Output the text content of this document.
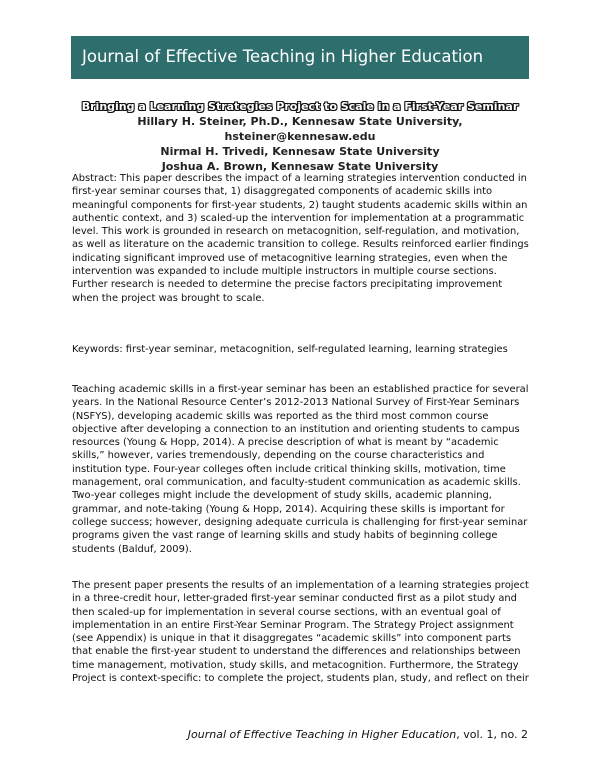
Journal of Effective Teaching in Higher Education
Bringing a Learning Strategies Project to Scale in a First-Year Seminar
Hillary H. Steiner, Ph.D., Kennesaw State University,
hsteiner@kennesaw.edu
Nirmal H. Trivedi, Kennesaw State University
Joshua A. Brown, Kennesaw State University

Abstract: This paper describes the impact of a learning strategies intervention conducted in first-year seminar courses that, 1) disaggregated components of academic skills into meaningful components for first-year students, 2) taught students academic skills within an authentic context, and 3) scaled-up the intervention for implementation at a programmatic level. This work is grounded in research on metacognition, self-regulation, and motivation, as well as literature on the academic transition to college. Results reinforced earlier findings indicating significant improved use of metacognitive learning strategies, even when the intervention was expanded to include multiple instructors in multiple course sections. Further research is needed to determine the precise factors precipitating improvement when the project was brought to scale.

Keywords: first-year seminar, metacognition, self-regulated learning, learning strategies

Teaching academic skills in a first-year seminar has been an established practice for several years. In the National Resource Center’s 2012-2013 National Survey of First-Year Seminars (NSFYS), developing academic skills was reported as the third most common course objective after developing a connection to an institution and orienting students to campus resources (Young & Hopp, 2014). A precise description of what is meant by “academic skills,” however, varies tremendously, depending on the course characteristics and institution type. Four-year colleges often include critical thinking skills, motivation, time management, oral communication, and faculty-student communication as academic skills. Two-year colleges might include the development of study skills, academic planning, grammar, and note-taking (Young & Hopp, 2014). Acquiring these skills is important for college success; however, designing adequate curricula is challenging for first-year seminar programs given the vast range of learning skills and study habits of beginning college students (Balduf, 2009).

The present paper presents the results of an implementation of a learning strategies project in a three-credit hour, letter-graded first-year seminar conducted first as a pilot study and then scaled-up for implementation in several course sections, with an eventual goal of implementation in an entire First-Year Seminar Program. The Strategy Project assignment (see Appendix) is unique in that it disaggregates “academic skills” into component parts that enable the first-year student to understand the differences and relationships between time management, motivation, study skills, and metacognition. Furthermore, the Strategy Project is context-specific: to complete the project, students plan, study, and reflect on their

Journal of Effective Teaching in Higher Education, vol. 1, no. 2
